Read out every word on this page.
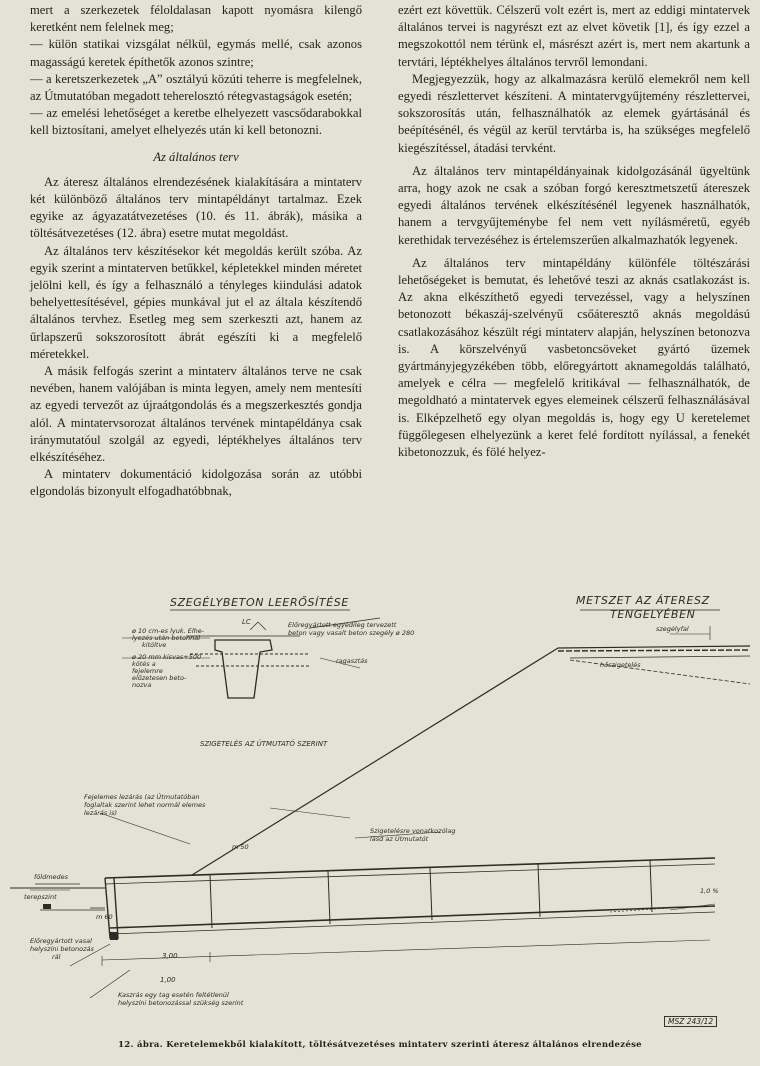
mert a szerkezetek féloldalasan kapott nyomásra kilengő keretként nem felelnek meg;

— külön statikai vizsgálat nélkül, egymás mellé, csak azonos magasságú keretek építhetők azonos szintre;

— a keretszerkezetek „A” osztályú közúti teherre is megfelelnek, az Útmutatóban megadott teherelosztó rétegvastagságok esetén;

— az emelési lehetőséget a keretbe elhelyezett vascsődarabokkal kell biztosítani, amelyet elhelyezés után ki kell betonozni.

Az általános terv

Az áteresz általános elrendezésének kialakítására a mintaterv két különböző általános terv mintapéldányt tartalmaz. Ezek egyike az ágyazatátvezetéses (10. és 11. ábrák), másika a töltésátvezetéses (12. ábra) esetre mutat megoldást.

Az általános terv készítésekor két megoldás került szóba. Az egyik szerint a mintaterven betűkkel, képletekkel minden méretet jelölni kell, és így a felhasználó a tényleges kiindulási adatok behelyettesítésével, gépies munkával jut el az általa készítendő általános tervhez. Esetleg meg sem szerkeszti azt, hanem az űrlapszerű sokszorosított ábrát egészíti ki a megfelelő méretekkel.

A másik felfogás szerint a mintaterv általános terve ne csak nevében, hanem valójában is minta legyen, amely nem mentesíti az egyedi tervezőt az újraátgondolás és a megszerkesztés gondja alól. A mintatervsorozat általános tervének mintapéldánya csak iránymutatóul szolgál az egyedi, léptékhelyes általános terv elkészítéséhez.

A mintaterv dokumentáció kidolgozása során az utóbbi elgondolás bizonyult elfogadhatóbbnak,

ezért ezt követtük. Célszerű volt ezért is, mert az eddigi mintatervek általános tervei is nagyrészt ezt az elvet követik [1], és így ezzel a megszokottól nem térünk el, másrészt azért is, mert nem akartunk a tervtári, léptékhelyes általános tervről lemondani.

Megjegyezzük, hogy az alkalmazásra kerülő elemekről nem kell egyedi részlettervet készíteni. A mintatervgyűjtemény részlettervei, sokszorosítás után, felhasználhatók az elemek gyártásánál és beépítésénél, és végül az kerül tervtárba is, ha szükséges megfelelő kiegészítéssel, átadási tervként.

Az általános terv mintapéldányainak kidolgozásánál ügyeltünk arra, hogy azok ne csak a szóban forgó keresztmetszetű átereszek egyedi általános tervének elkészítésénél legyenek használhatók, hanem a tervgyűjteménybe fel nem vett nyílásméretű, egyéb kerethidak tervezéséhez is értelemszerűen alkalmazhatók legyenek.

Az általános terv mintapéldány különféle töltészárási lehetőségeket is bemutat, és lehetővé teszi az aknás csatlakozást is. Az akna elkészíthető egyedi tervezéssel, vagy a helyszínen betonozott békaszáj-szelvényű csőáteresztő aknás megoldású csatlakozásához készült régi mintaterv alapján, helyszínen betonozva is. A körszelvényű vasbetoncsöveket gyártó üzemek gyártmányjegyzékében több, előregyártott aknamegoldás található, amelyek e célra — megfelelő kritikával — felhasználhatók, de megoldható a mintatervek egyes elemeinek célszerű felhasználásával is. Elképzelhető egy olyan megoldás is, hogy egy U keretelemet függőlegesen elhelyezünk a keret felé fordított nyílással, a fenekét kibetonozzuk, és fölé helyez-

SZEGÉLYBETON LEERŐSÍTÉSE	METSZET AZ ÁTERESZ
TENGELYÉBEN
ø 10 cm-es lyuk. Elhe-
lyezés után betonnal
kitöltve
ø 20 mm kisvas+500
kötés a
fejelemre
előzetesen beto-
nozva
LC	Előregyártott egyedileg tervezett
beton vagy vasalt beton szegély ø 280
ragasztás
SZIGETELÉS AZ ÚTMUTATÓ SZERINT
Fejelemes lezárás (az Útmutatóban
foglaltak szerint lehet normál elemes
lezárás is)
m 50
Szigetelésre vonatkozólag
lásd az Útmutatót
földmedes
terepszint
m 60
szegélyfal
hőszigetelés
1,0 %
Előregyártott vasal
helyszíni betonozás
rál	3,00
1,00
Kaszrás egy tag esetén feltétlenül
helyszíni betonozással szükség szerint
MSZ 243/12
12. ábra. Keretelemekből kialakított, töltésátvezetéses mintaterv szerinti áteresz általános elrendezése
